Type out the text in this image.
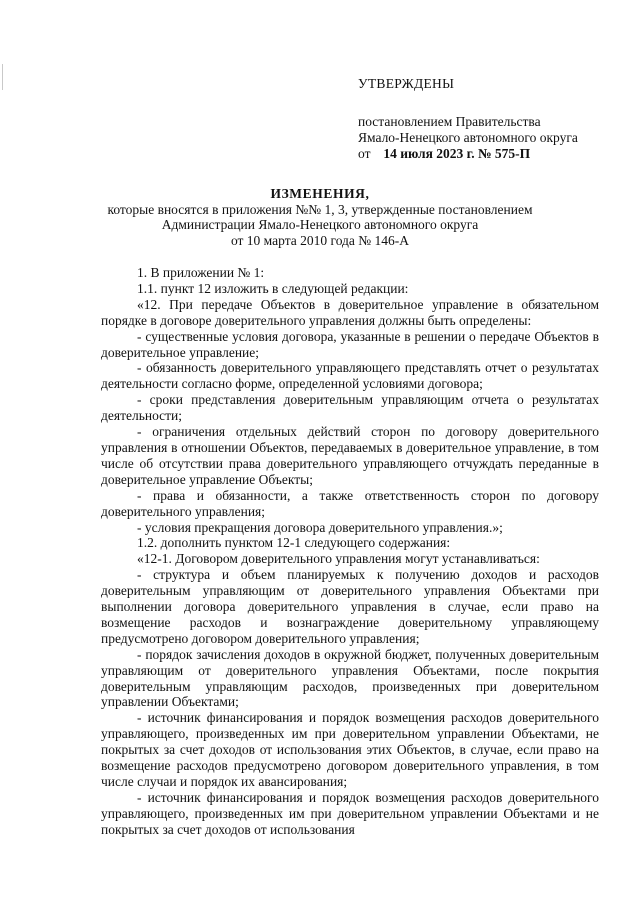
УТВЕРЖДЕНЫ
постановлением Правительства
Ямало-Ненецкого автономного округа
от 14 июля 2023 г. № 575-П
ИЗМЕНЕНИЯ,
которые вносятся в приложения №№ 1, 3, утвержденные постановлением
Администрации Ямало-Ненецкого автономного округа
от 10 марта 2010 года № 146-А

1. В приложении № 1:

1.1. пункт 12 изложить в следующей редакции:

«12. При передаче Объектов в доверительное управление в обязательном порядке в договоре доверительного управления должны быть определены:

- существенные условия договора, указанные в решении о передаче Объектов в доверительное управление;

- обязанность доверительного управляющего представлять отчет о результатах деятельности согласно форме, определенной условиями договора;

- сроки представления доверительным управляющим отчета о результатах деятельности;

- ограничения отдельных действий сторон по договору доверительного управления в отношении Объектов, передаваемых в доверительное управление, в том числе об отсутствии права доверительного управляющего отчуждать переданные в доверительное управление Объекты;

- права и обязанности, а также ответственность сторон по договору доверительного управления;

- условия прекращения договора доверительного управления.»;

1.2. дополнить пунктом 12-1 следующего содержания:

«12-1. Договором доверительного управления могут устанавливаться:

- структура и объем планируемых к получению доходов и расходов доверительным управляющим от доверительного управления Объектами при выполнении договора доверительного управления в случае, если право на возмещение расходов и вознаграждение доверительному управляющему предусмотрено договором доверительного управления;

- порядок зачисления доходов в окружной бюджет, полученных доверительным управляющим от доверительного управления Объектами, после покрытия доверительным управляющим расходов, произведенных при доверительном управлении Объектами;

- источник финансирования и порядок возмещения расходов доверительного управляющего, произведенных им при доверительном управлении Объектами, не покрытых за счет доходов от использования этих Объектов, в случае, если право на возмещение расходов предусмотрено договором доверительного управления, в том числе случаи и порядок их авансирования;

- источник финансирования и порядок возмещения расходов доверительного управляющего, произведенных им при доверительном управлении Объектами и не покрытых за счет доходов от использования
